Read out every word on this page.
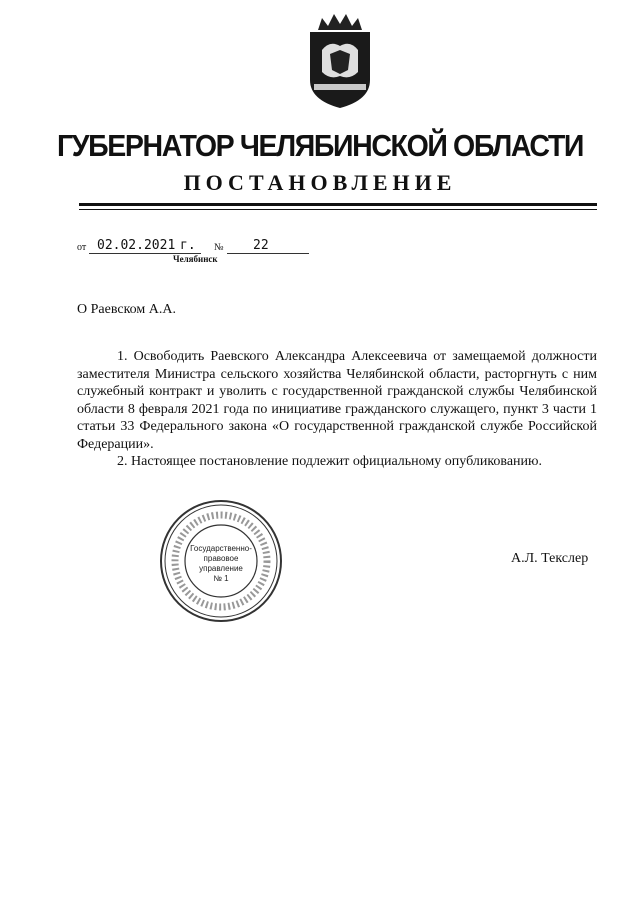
ГУБЕРНАТОР ЧЕЛЯБИНСКОЙ ОБЛАСТИ
ПОСТАНОВЛЕНИЕ
от 02.02.2021 г. № 22
Челябинск
О Раевском А.А.

1. Освободить Раевского Александра Алексеевича от замещаемой должности заместителя Министра сельского хозяйства Челябинской области, расторгнуть с ним служебный контракт и уволить с государственной гражданской службы Челябинской области 8 февраля 2021 года по инициативе гражданского служащего, пункт 3 части 1 статьи 33 Федерального закона «О государственной гражданской службе Российской Федерации».

2. Настоящее постановление подлежит официальному опубликованию.

Государственно-
правовое
управление
№ 1
А.Л. Текслер
